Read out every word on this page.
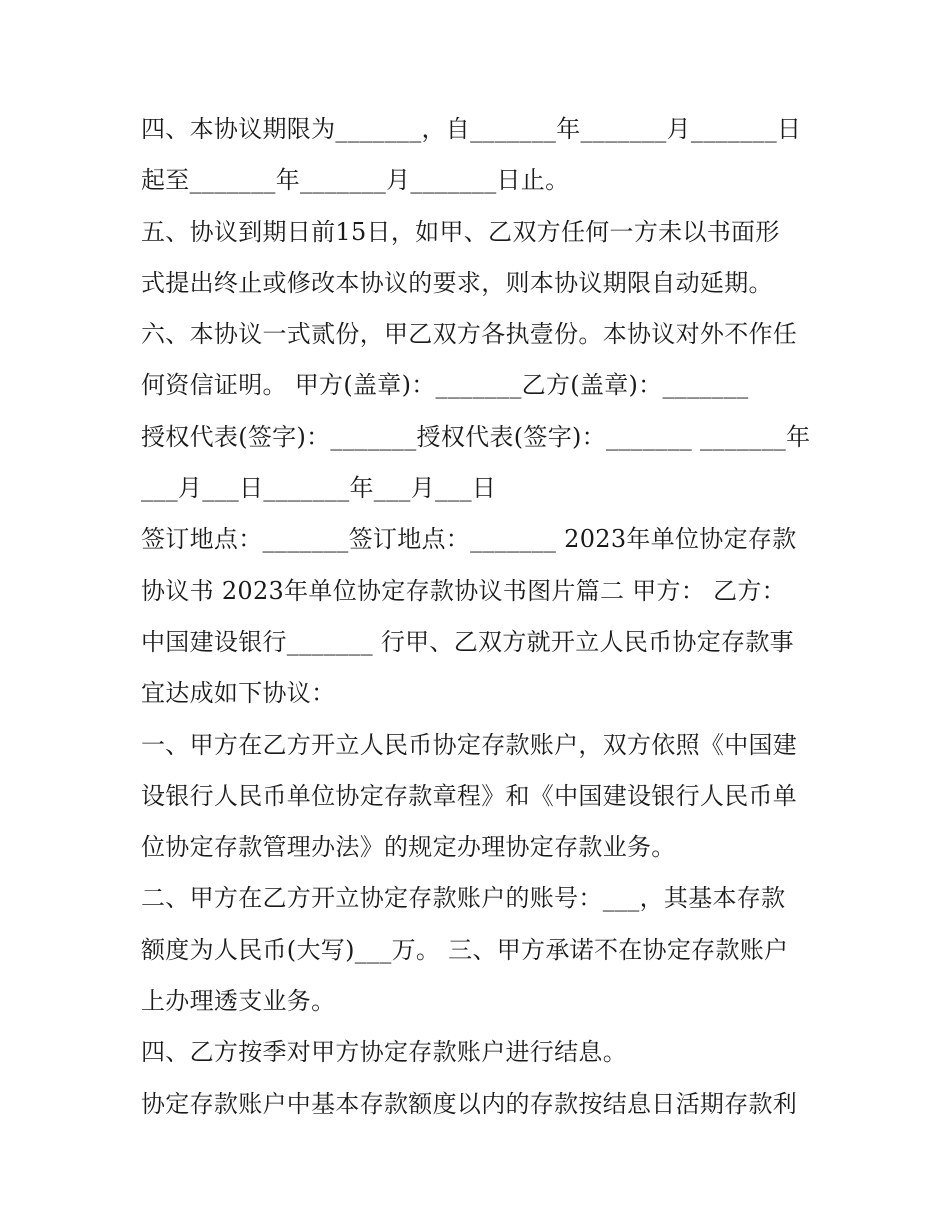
四、本协议期限为_______，自_______年_______月_______日
起至_______年_______月_______日止。
五、协议到期日前15日，如甲、乙双方任何一方未以书面形
式提出终止或修改本协议的要求，则本协议期限自动延期。
六、本协议一式贰份，甲乙双方各执壹份。本协议对外不作任
何资信证明。 甲方(盖章)：_______乙方(盖章)：_______
授权代表(签字)：_______授权代表(签字)：_______ _______年
___月___日_______年___月___日
签订地点：_______签订地点：_______ 2023年单位协定存款
协议书 2023年单位协定存款协议书图片篇二 甲方： 乙方：
中国建设银行_______ 行甲、乙双方就开立人民币协定存款事
宜达成如下协议：
一、甲方在乙方开立人民币协定存款账户，双方依照《中国建
设银行人民币单位协定存款章程》和《中国建设银行人民币单
位协定存款管理办法》的规定办理协定存款业务。
二、甲方在乙方开立协定存款账户的账号：___，其基本存款
额度为人民币(大写)___万。 三、甲方承诺不在协定存款账户
上办理透支业务。
四、乙方按季对甲方协定存款账户进行结息。
协定存款账户中基本存款额度以内的存款按结息日活期存款利
